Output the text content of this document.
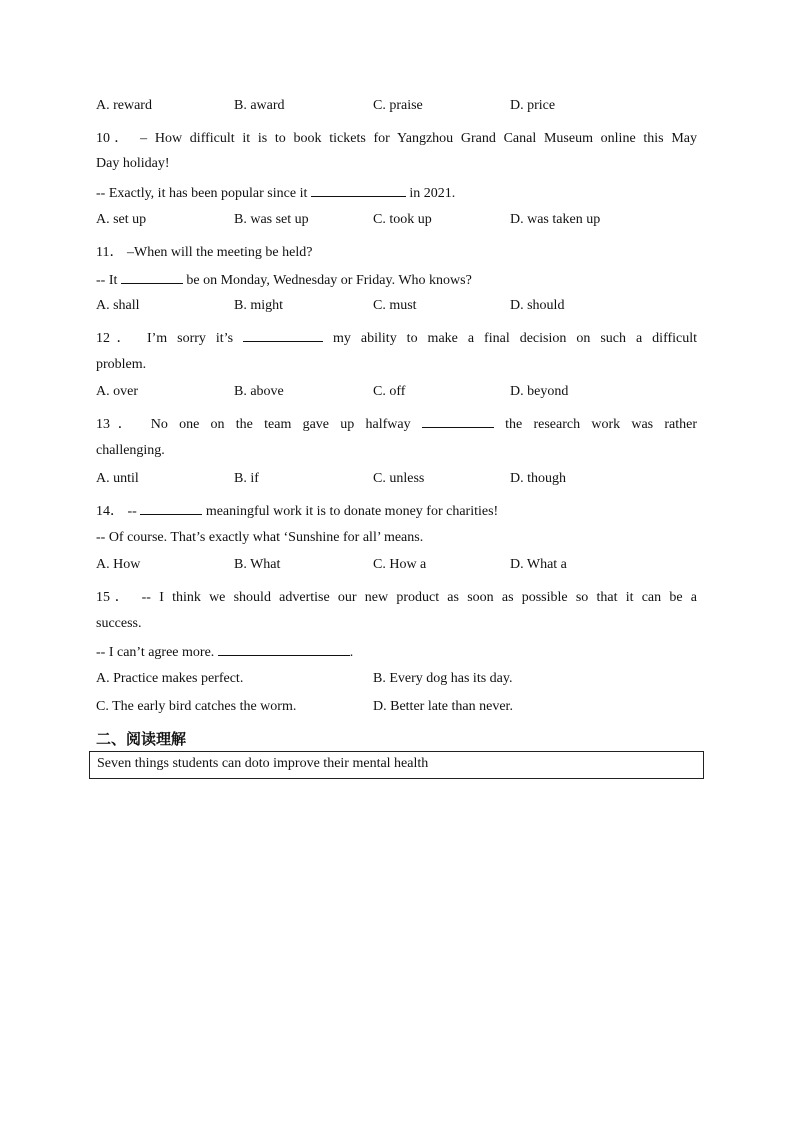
A. reward	B. award	C. praise	D. price
10． – How difficult it is to book tickets for Yangzhou Grand Canal Museum online this May
Day holiday!
-- Exactly, it has been popular since it	in 2021.
A. set up	B. was set up	C. took up	D. was taken up
11． –When will the meeting be held?
-- It	be on Monday, Wednesday or Friday. Who knows?
A. shall	B. might	C. must	D. should
12． I’m sorry it’s	my ability to make a final decision on such a difficult
problem.
A. over	B. above	C. off	D. beyond
13． No one on the team gave up halfway	the research work was rather
challenging.
A. until	B. if	C. unless	D. though
14． --	meaningful work it is to donate money for charities!
-- Of course. That’s exactly what ‘Sunshine for all’ means.
A. How	B. What	C. How a	D. What a
15． -- I think we should advertise our new product as soon as possible so that it can be a
success.
-- I can’t agree more.	.
A. Practice makes perfect.	B. Every dog has its day.
C. The early bird catches the worm.	D. Better late than never.
二、阅读理解
Seven things students can doto improve their mental health
